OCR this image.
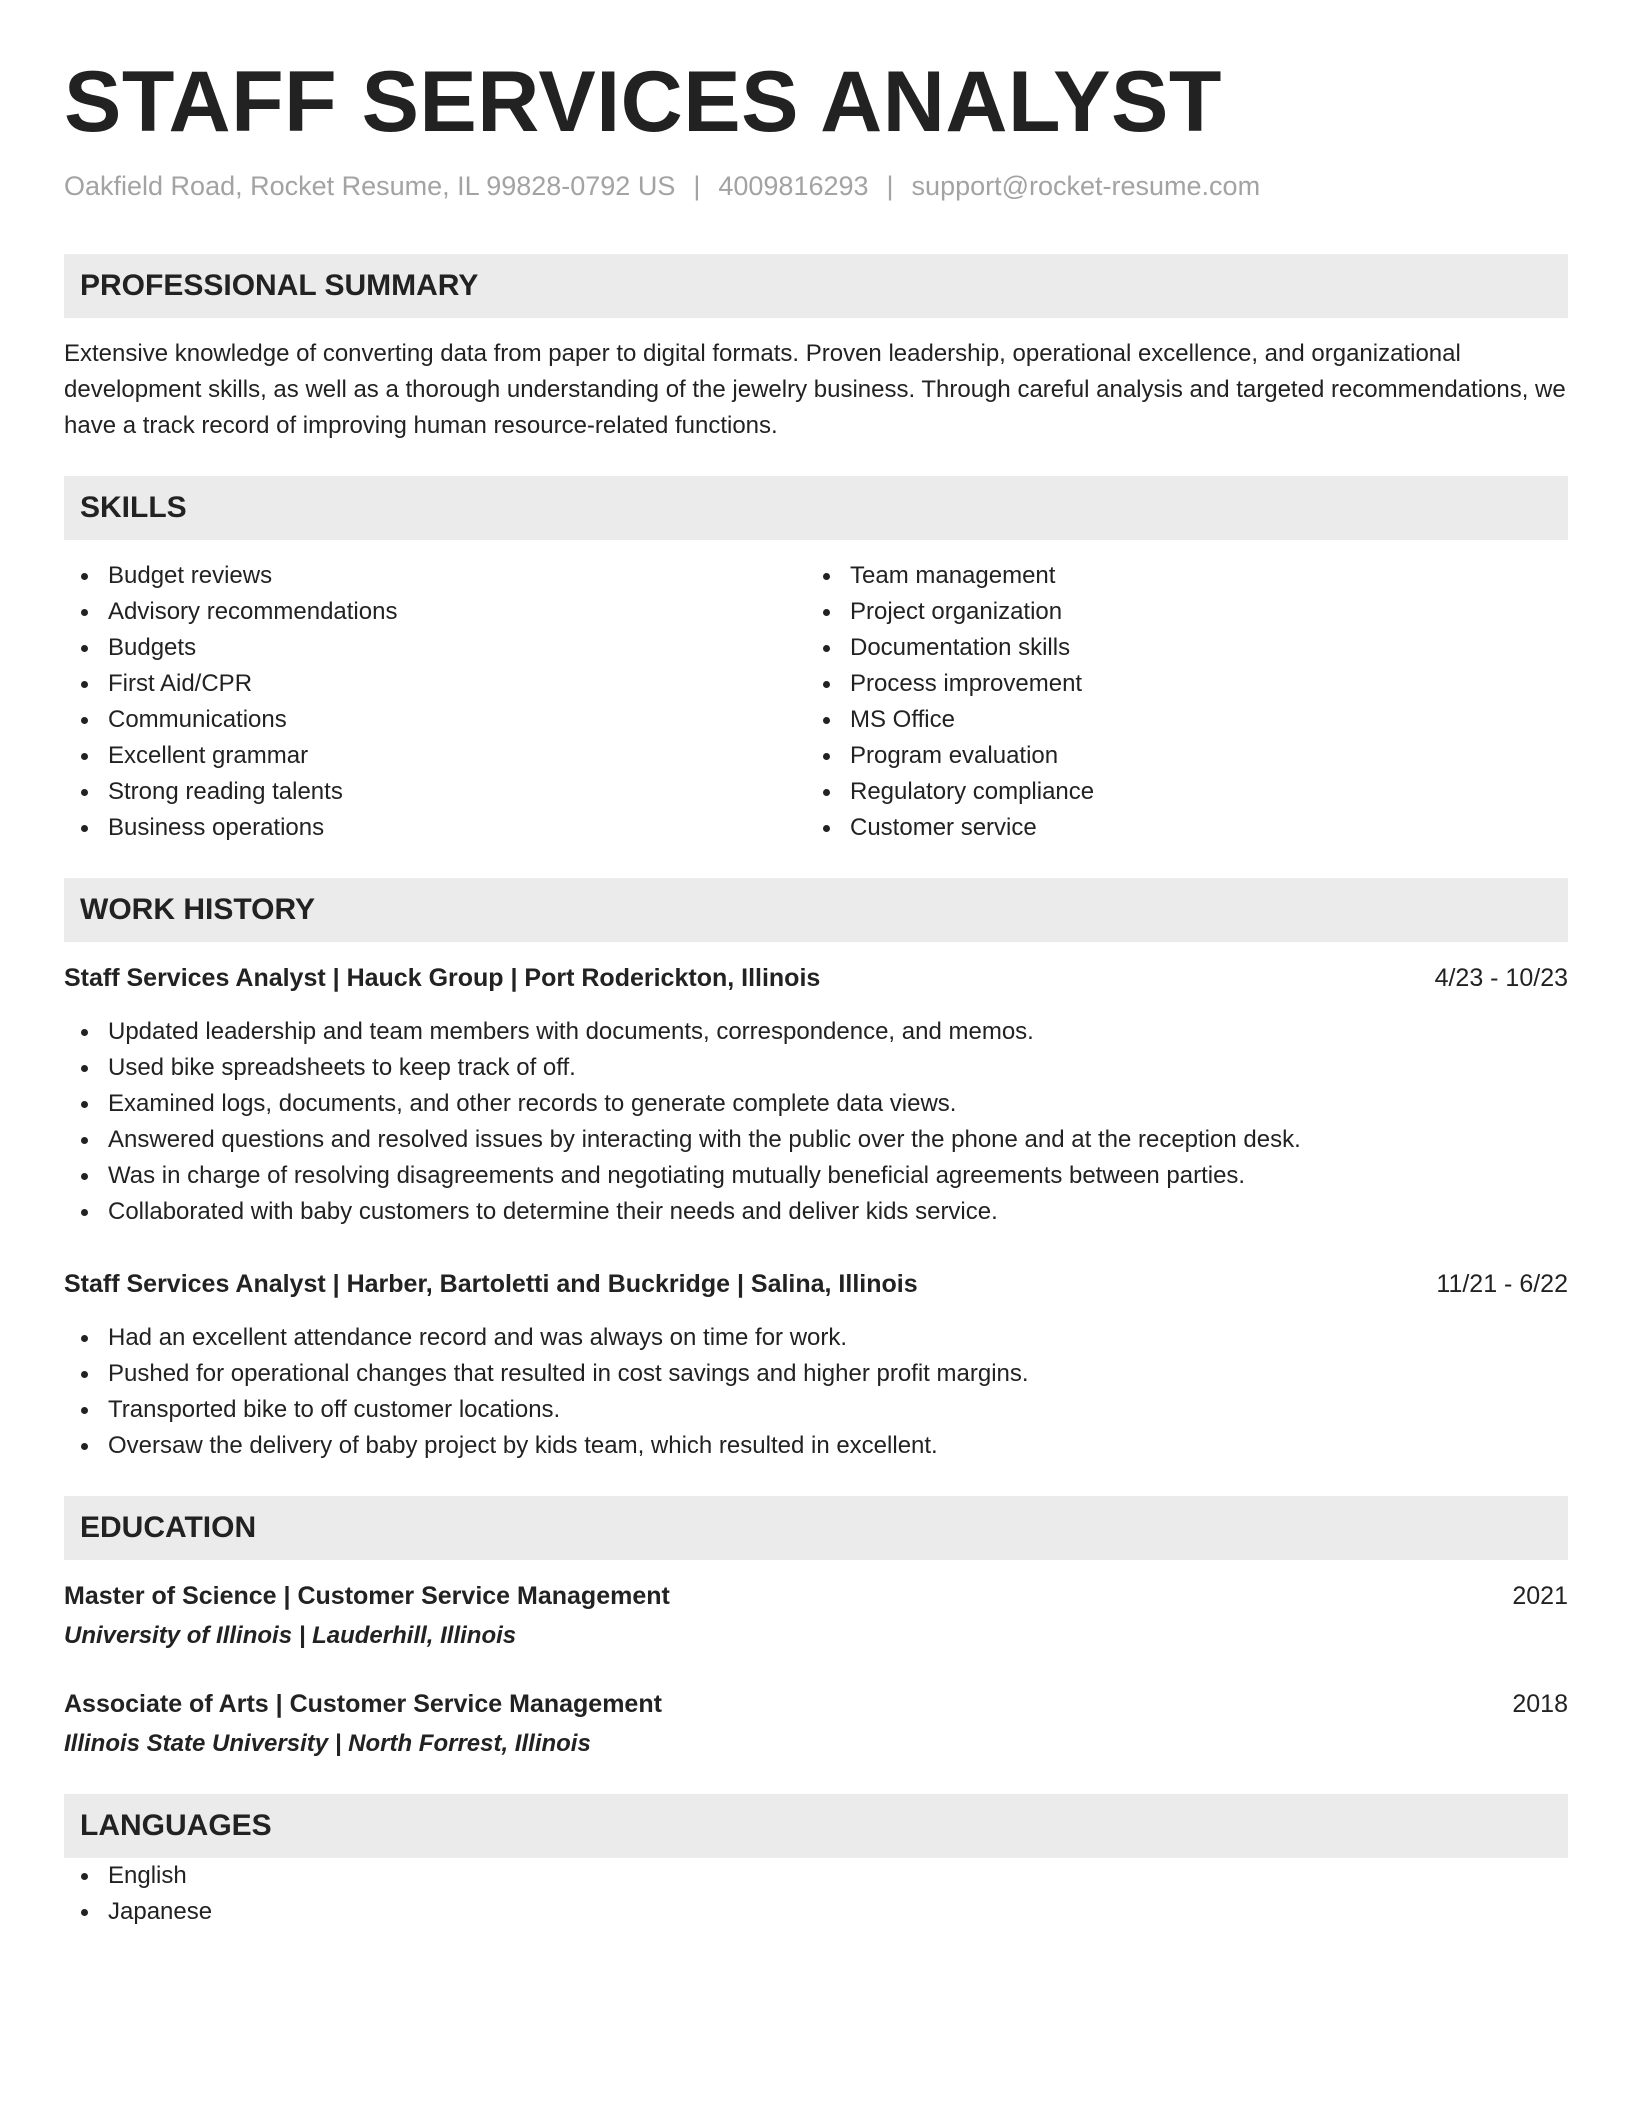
STAFF SERVICES ANALYST
Oakfield Road, Rocket Resume, IL 99828-0792 US | 4009816293 | support@rocket-resume.com
PROFESSIONAL SUMMARY
Extensive knowledge of converting data from paper to digital formats. Proven leadership, operational excellence, and organizational development skills, as well as a thorough understanding of the jewelry business. Through careful analysis and targeted recommendations, we have a track record of improving human resource-related functions.
SKILLS
Budget reviews
Advisory recommendations
Budgets
First Aid/CPR
Communications
Excellent grammar
Strong reading talents
Business operations
Team management
Project organization
Documentation skills
Process improvement
MS Office
Program evaluation
Regulatory compliance
Customer service
WORK HISTORY
Staff Services Analyst | Hauck Group | Port Roderickton, Illinois	4/23 - 10/23
Updated leadership and team members with documents, correspondence, and memos.
Used bike spreadsheets to keep track of off.
Examined logs, documents, and other records to generate complete data views.
Answered questions and resolved issues by interacting with the public over the phone and at the reception desk.
Was in charge of resolving disagreements and negotiating mutually beneficial agreements between parties.
Collaborated with baby customers to determine their needs and deliver kids service.
Staff Services Analyst | Harber, Bartoletti and Buckridge | Salina, Illinois	11/21 - 6/22
Had an excellent attendance record and was always on time for work.
Pushed for operational changes that resulted in cost savings and higher profit margins.
Transported bike to off customer locations.
Oversaw the delivery of baby project by kids team, which resulted in excellent.
EDUCATION
Master of Science | Customer Service Management	2021
University of Illinois | Lauderhill, Illinois
Associate of Arts | Customer Service Management	2018
Illinois State University | North Forrest, Illinois
LANGUAGES
English
Japanese
